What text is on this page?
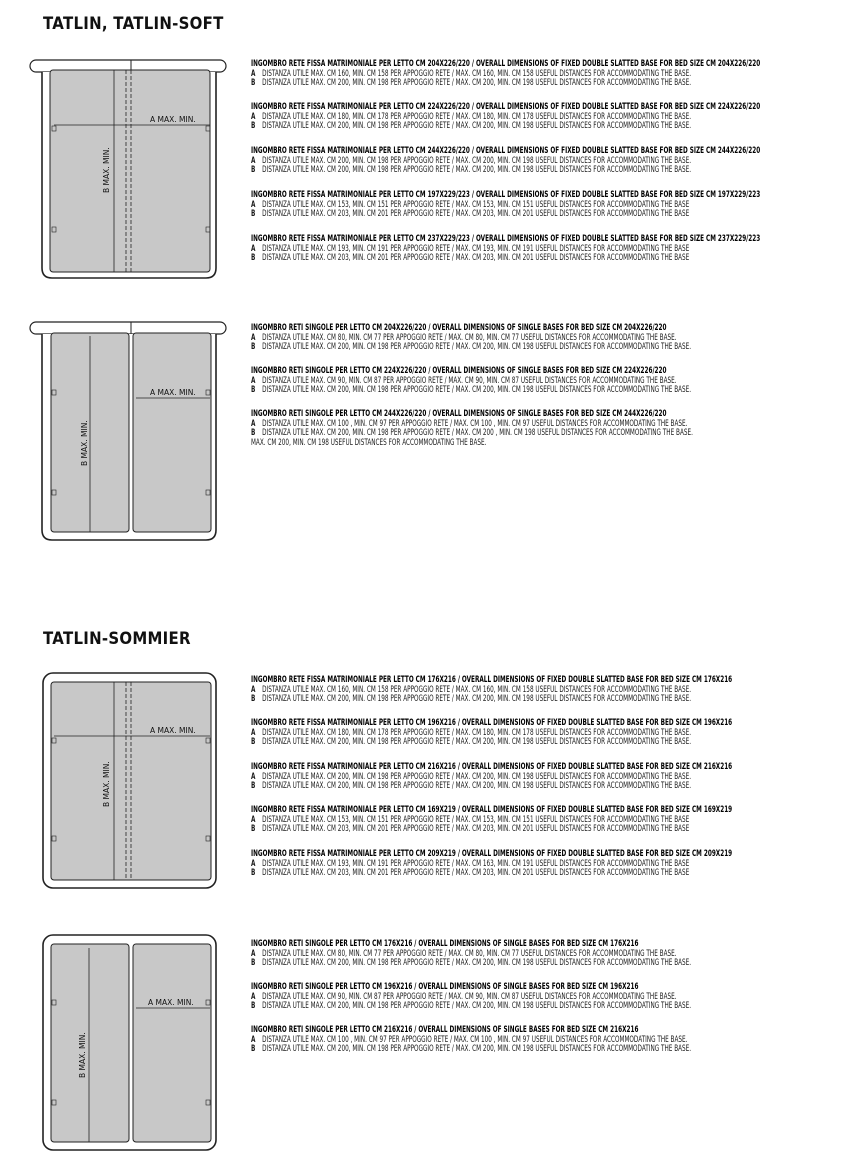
TATLIN, TATLIN-SOFT
A MAX. MIN.
B MAX. MIN.
INGOMBRO RETE FISSA MATRIMONIALE PER LETTO CM 204X226/220 / OVERALL DIMENSIONS OF FIXED DOUBLE SLATTED BASE FOR BED SIZE CM 204X226/220
A DISTANZA UTILE MAX. CM 160, MIN. CM 158 PER APPOGGIO RETE / MAX. CM 160, MIN. CM 158 USEFUL DISTANCES FOR ACCOMMODATING THE BASE.
B DISTANZA UTILE MAX. CM 200, MIN. CM 198 PER APPOGGIO RETE / MAX. CM 200, MIN. CM 198 USEFUL DISTANCES FOR ACCOMMODATING THE BASE.
INGOMBRO RETE FISSA MATRIMONIALE PER LETTO CM 224X226/220 / OVERALL DIMENSIONS OF FIXED DOUBLE SLATTED BASE FOR BED SIZE CM 224X226/220
A DISTANZA UTILE MAX. CM 180, MIN. CM 178 PER APPOGGIO RETE / MAX. CM 180, MIN. CM 178 USEFUL DISTANCES FOR ACCOMMODATING THE BASE.
B DISTANZA UTILE MAX. CM 200, MIN. CM 198 PER APPOGGIO RETE / MAX. CM 200, MIN. CM 198 USEFUL DISTANCES FOR ACCOMMODATING THE BASE.
INGOMBRO RETE FISSA MATRIMONIALE PER LETTO CM 244X226/220 / OVERALL DIMENSIONS OF FIXED DOUBLE SLATTED BASE FOR BED SIZE CM 244X226/220
A DISTANZA UTILE MAX. CM 200, MIN. CM 198 PER APPOGGIO RETE / MAX. CM 200, MIN. CM 198 USEFUL DISTANCES FOR ACCOMMODATING THE BASE.
B DISTANZA UTILE MAX. CM 200, MIN. CM 198 PER APPOGGIO RETE / MAX. CM 200, MIN. CM 198 USEFUL DISTANCES FOR ACCOMMODATING THE BASE.
INGOMBRO RETE FISSA MATRIMONIALE PER LETTO CM 197X229/223 / OVERALL DIMENSIONS OF FIXED DOUBLE SLATTED BASE FOR BED SIZE CM 197X229/223
A DISTANZA UTILE MAX. CM 153, MIN. CM 151 PER APPOGGIO RETE / MAX. CM 153, MIN. CM 151 USEFUL DISTANCES FOR ACCOMMODATING THE BASE
B DISTANZA UTILE MAX. CM 203, MIN. CM 201 PER APPOGGIO RETE / MAX. CM 203, MIN. CM 201 USEFUL DISTANCES FOR ACCOMMODATING THE BASE
INGOMBRO RETE FISSA MATRIMONIALE PER LETTO CM 237X229/223 / OVERALL DIMENSIONS OF FIXED DOUBLE SLATTED BASE FOR BED SIZE CM 237X229/223
A DISTANZA UTILE MAX. CM 193, MIN. CM 191 PER APPOGGIO RETE / MAX. CM 193, MIN. CM 191 USEFUL DISTANCES FOR ACCOMMODATING THE BASE
B DISTANZA UTILE MAX. CM 203, MIN. CM 201 PER APPOGGIO RETE / MAX. CM 203, MIN. CM 201 USEFUL DISTANCES FOR ACCOMMODATING THE BASE
A MAX. MIN.
B MAX. MIN.
INGOMBRO RETI SINGOLE PER LETTO CM 204X226/220 / OVERALL DIMENSIONS OF SINGLE BASES FOR BED SIZE CM 204X226/220
A DISTANZA UTILE MAX. CM 80, MIN. CM 77 PER APPOGGIO RETE / MAX. CM 80, MIN. CM 77 USEFUL DISTANCES FOR ACCOMMODATING THE BASE.
B DISTANZA UTILE MAX. CM 200, MIN. CM 198 PER APPOGGIO RETE / MAX. CM 200, MIN. CM 198 USEFUL DISTANCES FOR ACCOMMODATING THE BASE.
INGOMBRO RETI SINGOLE PER LETTO CM 224X226/220 / OVERALL DIMENSIONS OF SINGLE BASES FOR BED SIZE CM 224X226/220
A DISTANZA UTILE MAX. CM 90, MIN. CM 87 PER APPOGGIO RETE / MAX. CM 90, MIN. CM 87 USEFUL DISTANCES FOR ACCOMMODATING THE BASE.
B DISTANZA UTILE MAX. CM 200, MIN. CM 198 PER APPOGGIO RETE / MAX. CM 200, MIN. CM 198 USEFUL DISTANCES FOR ACCOMMODATING THE BASE.
INGOMBRO RETI SINGOLE PER LETTO CM 244X226/220 / OVERALL DIMENSIONS OF SINGLE BASES FOR BED SIZE CM 244X226/220
A DISTANZA UTILE MAX. CM 100 , MIN. CM 97 PER APPOGGIO RETE / MAX. CM 100 , MIN. CM 97 USEFUL DISTANCES FOR ACCOMMODATING THE BASE.
B DISTANZA UTILE MAX. CM 200, MIN. CM 198 PER APPOGGIO RETE / MAX. CM 200 , MIN. CM 198 USEFUL DISTANCES FOR ACCOMMODATING THE BASE.
MAX. CM 200, MIN. CM 198 USEFUL DISTANCES FOR ACCOMMODATING THE BASE.
TATLIN-SOMMIER
A MAX. MIN.
B MAX. MIN.
INGOMBRO RETE FISSA MATRIMONIALE PER LETTO CM 176X216 / OVERALL DIMENSIONS OF FIXED DOUBLE SLATTED BASE FOR BED SIZE CM 176X216
A DISTANZA UTILE MAX. CM 160, MIN. CM 158 PER APPOGGIO RETE / MAX. CM 160, MIN. CM 158 USEFUL DISTANCES FOR ACCOMMODATING THE BASE.
B DISTANZA UTILE MAX. CM 200, MIN. CM 198 PER APPOGGIO RETE / MAX. CM 200, MIN. CM 198 USEFUL DISTANCES FOR ACCOMMODATING THE BASE.
INGOMBRO RETE FISSA MATRIMONIALE PER LETTO CM 196X216 / OVERALL DIMENSIONS OF FIXED DOUBLE SLATTED BASE FOR BED SIZE CM 196X216
A DISTANZA UTILE MAX. CM 180, MIN. CM 178 PER APPOGGIO RETE / MAX. CM 180, MIN. CM 178 USEFUL DISTANCES FOR ACCOMMODATING THE BASE.
B DISTANZA UTILE MAX. CM 200, MIN. CM 198 PER APPOGGIO RETE / MAX. CM 200, MIN. CM 198 USEFUL DISTANCES FOR ACCOMMODATING THE BASE.
INGOMBRO RETE FISSA MATRIMONIALE PER LETTO CM 216X216 / OVERALL DIMENSIONS OF FIXED DOUBLE SLATTED BASE FOR BED SIZE CM 216X216
A DISTANZA UTILE MAX. CM 200, MIN. CM 198 PER APPOGGIO RETE / MAX. CM 200, MIN. CM 198 USEFUL DISTANCES FOR ACCOMMODATING THE BASE.
B DISTANZA UTILE MAX. CM 200, MIN. CM 198 PER APPOGGIO RETE / MAX. CM 200, MIN. CM 198 USEFUL DISTANCES FOR ACCOMMODATING THE BASE.
INGOMBRO RETE FISSA MATRIMONIALE PER LETTO CM 169X219 / OVERALL DIMENSIONS OF FIXED DOUBLE SLATTED BASE FOR BED SIZE CM 169X219
A DISTANZA UTILE MAX. CM 153, MIN. CM 151 PER APPOGGIO RETE / MAX. CM 153, MIN. CM 151 USEFUL DISTANCES FOR ACCOMMODATING THE BASE
B DISTANZA UTILE MAX. CM 203, MIN. CM 201 PER APPOGGIO RETE / MAX. CM 203, MIN. CM 201 USEFUL DISTANCES FOR ACCOMMODATING THE BASE
INGOMBRO RETE FISSA MATRIMONIALE PER LETTO CM 209X219 / OVERALL DIMENSIONS OF FIXED DOUBLE SLATTED BASE FOR BED SIZE CM 209X219
A DISTANZA UTILE MAX. CM 193, MIN. CM 191 PER APPOGGIO RETE / MAX. CM 163, MIN. CM 191 USEFUL DISTANCES FOR ACCOMMODATING THE BASE
B DISTANZA UTILE MAX. CM 203, MIN. CM 201 PER APPOGGIO RETE / MAX. CM 203, MIN. CM 201 USEFUL DISTANCES FOR ACCOMMODATING THE BASE
A MAX. MIN.
B MAX. MIN.
INGOMBRO RETI SINGOLE PER LETTO CM 176X216 / OVERALL DIMENSIONS OF SINGLE BASES FOR BED SIZE CM 176X216
A DISTANZA UTILE MAX. CM 80, MIN. CM 77 PER APPOGGIO RETE / MAX. CM 80, MIN. CM 77 USEFUL DISTANCES FOR ACCOMMODATING THE BASE.
B DISTANZA UTILE MAX. CM 200, MIN. CM 198 PER APPOGGIO RETE / MAX. CM 200, MIN. CM 198 USEFUL DISTANCES FOR ACCOMMODATING THE BASE.
INGOMBRO RETI SINGOLE PER LETTO CM 196X216 / OVERALL DIMENSIONS OF SINGLE BASES FOR BED SIZE CM 196X216
A DISTANZA UTILE MAX. CM 90, MIN. CM 87 PER APPOGGIO RETE / MAX. CM 90, MIN. CM 87 USEFUL DISTANCES FOR ACCOMMODATING THE BASE.
B DISTANZA UTILE MAX. CM 200, MIN. CM 198 PER APPOGGIO RETE / MAX. CM 200, MIN. CM 198 USEFUL DISTANCES FOR ACCOMMODATING THE BASE.
INGOMBRO RETI SINGOLE PER LETTO CM 216X216 / OVERALL DIMENSIONS OF SINGLE BASES FOR BED SIZE CM 216X216
A DISTANZA UTILE MAX. CM 100 , MIN. CM 97 PER APPOGGIO RETE / MAX. CM 100 , MIN. CM 97 USEFUL DISTANCES FOR ACCOMMODATING THE BASE.
B DISTANZA UTILE MAX. CM 200, MIN. CM 198 PER APPOGGIO RETE / MAX. CM 200, MIN. CM 198 USEFUL DISTANCES FOR ACCOMMODATING THE BASE.
